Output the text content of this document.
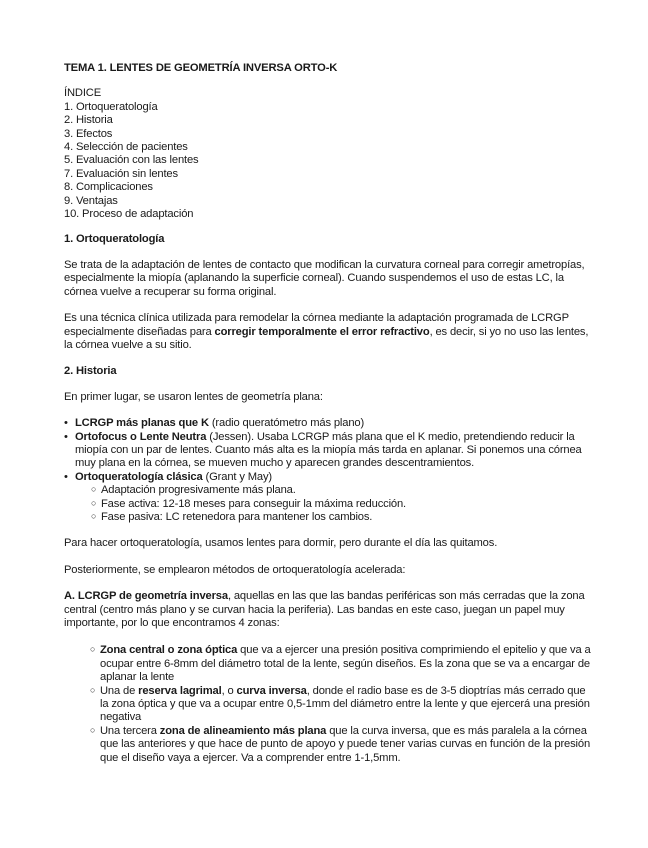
TEMA 1. LENTES DE GEOMETRÍA INVERSA ORTO-K
ÍNDICE
1. Ortoqueratología
2. Historia
3. Efectos
4. Selección de pacientes
5. Evaluación con las lentes
7. Evaluación sin lentes
8. Complicaciones
9. Ventajas
10. Proceso de adaptación
1. Ortoqueratología

Se trata de la adaptación de lentes de contacto que modifican la curvatura corneal para corregir ametropías, especialmente la miopía (aplanando la superficie corneal). Cuando suspendemos el uso de estas LC, la córnea vuelve a recuperar su forma original.

Es una técnica clínica utilizada para remodelar la córnea mediante la adaptación programada de LCRGP especialmente diseñadas para corregir temporalmente el error refractivo, es decir, si yo no uso las lentes, la córnea vuelve a su sitio.

2. Historia

En primer lugar, se usaron lentes de geometría plana:

• LCRGP más planas que K (radio queratómetro más plano)
• Ortofocus o Lente Neutra (Jessen). Usaba LCRGP más plana que el K medio, pretendiendo reducir la miopía con un par de lentes. Cuanto más alta es la miopía más tarda en aplanar. Si ponemos una córnea muy plana en la córnea, se mueven mucho y aparecen grandes descentramientos.
• Ortoqueratología clásica (Grant y May)
○ Adaptación progresivamente más plana.
○ Fase activa: 12-18 meses para conseguir la máxima reducción.
○ Fase pasiva: LC retenedora para mantener los cambios.

Para hacer ortoqueratología, usamos lentes para dormir, pero durante el día las quitamos.

Posteriormente, se emplearon métodos de ortoqueratología acelerada:

A. LCRGP de geometría inversa, aquellas en las que las bandas periféricas son más cerradas que la zona central (centro más plano y se curvan hacia la periferia). Las bandas en este caso, juegan un papel muy importante, por lo que encontramos 4 zonas:

○ Zona central o zona óptica que va a ejercer una presión positiva comprimiendo el epitelio y que va a ocupar entre 6-8mm del diámetro total de la lente, según diseños. Es la zona que se va a encargar de aplanar la lente
○ Una de reserva lagrimal, o curva inversa, donde el radio base es de 3-5 dioptrías más cerrado que la zona óptica y que va a ocupar entre 0,5-1mm del diámetro entre la lente y que ejercerá una presión negativa
○ Una tercera zona de alineamiento más plana que la curva inversa, que es más paralela a la córnea que las anteriores y que hace de punto de apoyo y puede tener varias curvas en función de la presión que el diseño vaya a ejercer. Va a comprender entre 1-1,5mm.
